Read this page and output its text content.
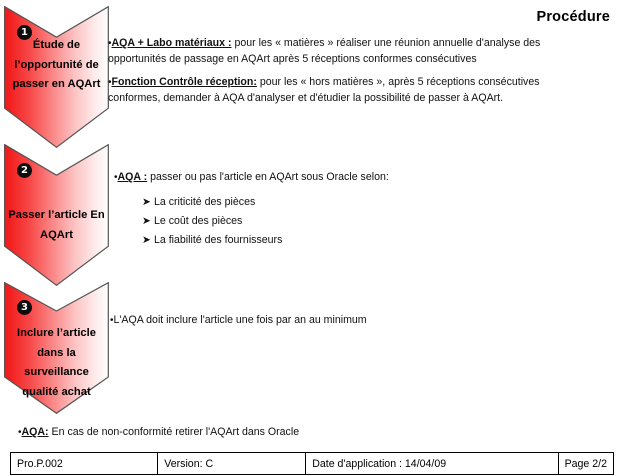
Procédure
1
Étude de l’opportunité de passer en AQArt
2
Passer l’article En AQArt
3
Inclure l’article dans la surveillance qualité achat

•AQA + Labo matériaux : pour les « matières » réaliser une réunion annuelle d'analyse des opportunités de passage en AQArt après 5 réceptions conformes consécutives

•Fonction Contrôle réception: pour les « hors matières », après 5 réceptions consécutives conformes, demander à AQA d'analyser et d'étudier la possibilité de passer à AQArt.

•AQA : passer ou pas l'article en AQArt sous Oracle selon:

➤ La criticité des pièces
➤ Le coût des pièces
➤ La fiabilité des fournisseurs

•L'AQA doit inclure l'article une fois par an au minimum

•AQA: En cas de non-conformité retirer l'AQArt dans Oracle

Pro.P.002	Version: C	Date d'application : 14/04/09	Page 2/2
